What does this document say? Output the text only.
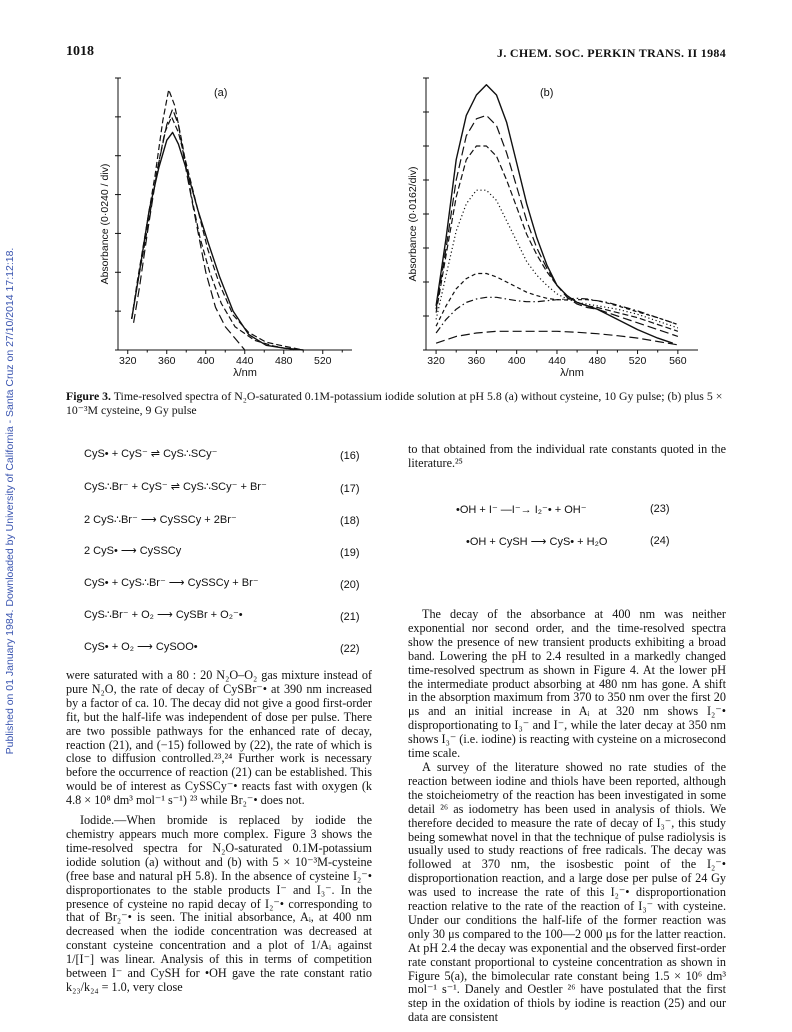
Published on 01 January 1984. Downloaded by University of California - Santa Cruz on 27/10/2014 17:12:18.
1018	J. CHEM. SOC. PERKIN TRANS. II 1984
320 360 400 440 480 520
λ/nm
Absorbance (0·0240 / div)
(a)
320 360 400 440 480 520 560
λ/nm
Absorbance (0·0162/div)
(b)
Figure 3. Time-resolved spectra of N₂O-saturated 0.1M-potassium iodide solution at pH 5.8 (a) without cysteine, 10 Gy pulse; (b) plus 5 × 10⁻³M cysteine, 9 Gy pulse
CyS• + CyS⁻ ⇌ CyS∴SCy⁻	(16)
CyS∴Br⁻ + CyS⁻ ⇌ CyS∴SCy⁻ + Br⁻	(17)
2 CyS∴Br⁻ ⟶ CySSCy + 2Br⁻	(18)
2 CyS• ⟶ CySSCy	(19)
CyS• + CyS∴Br⁻ ⟶ CySSCy + Br⁻	(20)
CyS∴Br⁻ + O₂ ⟶ CySBr + O₂⁻•	(21)
CyS• + O₂ ⟶ CySOO•	(22)
•OH + I⁻ —I⁻→ I₂⁻• + OH⁻	(23)
•OH + CySH ⟶ CyS• + H₂O	(24)

were saturated with a 80 : 20 N₂O–O₂ gas mixture instead of pure N₂O, the rate of decay of CySBr⁻• at 390 nm increased by a factor of ca. 10. The decay did not give a good first-order fit, but the half-life was independent of dose per pulse. There are two possible pathways for the enhanced rate of decay, reaction (21), and (−15) followed by (22), the rate of which is close to diffusion controlled.²³,²⁴ Further work is necessary before the occurrence of reaction (21) can be established. This would be of interest as CySSCy⁻• reacts fast with oxygen (k 4.8 × 10⁸ dm³ mol⁻¹ s⁻¹) ²³ while Br₂⁻• does not.

Iodide.—When bromide is replaced by iodide the chemistry appears much more complex. Figure 3 shows the time-resolved spectra for N₂O-saturated 0.1M-potassium iodide solution (a) without and (b) with 5 × 10⁻³M-cysteine (free base and natural pH 5.8). In the absence of cysteine I₂⁻• disproportionates to the stable products I⁻ and I₃⁻. In the presence of cysteine no rapid decay of I₂⁻• corresponding to that of Br₂⁻• is seen. The initial absorbance, Aᵢ, at 400 nm decreased when the iodide concentration was decreased at constant cysteine concentration and a plot of 1/Aᵢ against 1/[I⁻] was linear. Analysis of this in terms of competition between I⁻ and CySH for •OH gave the rate constant ratio k₂₃/k₂₄ = 1.0, very close

to that obtained from the individual rate constants quoted in the literature.²⁵

The decay of the absorbance at 400 nm was neither exponential nor second order, and the time-resolved spectra show the presence of new transient products exhibiting a broad band. Lowering the pH to 2.4 resulted in a markedly changed time-resolved spectrum as shown in Figure 4. At the lower pH the intermediate product absorbing at 480 nm has gone. A shift in the absorption maximum from 370 to 350 nm over the first 20 μs and an initial increase in Aᵢ at 320 nm shows I₂⁻• disproportionating to I₃⁻ and I⁻, while the later decay at 350 nm shows I₃⁻ (i.e. iodine) is reacting with cysteine on a microsecond time scale.

A survey of the literature showed no rate studies of the reaction between iodine and thiols have been reported, although the stoicheiometry of the reaction has been investigated in some detail ²⁶ as iodometry has been used in analysis of thiols. We therefore decided to measure the rate of decay of I₃⁻, this study being somewhat novel in that the technique of pulse radiolysis is usually used to study reactions of free radicals. The decay was followed at 370 nm, the isosbestic point of the I₂⁻• disproportionation reaction, and a large dose per pulse of 24 Gy was used to increase the rate of this I₂⁻• disproportionation reaction relative to the rate of the reaction of I₃⁻ with cysteine. Under our conditions the half-life of the former reaction was only 30 μs compared to the 100—2 000 μs for the latter reaction. At pH 2.4 the decay was exponential and the observed first-order rate constant proportional to cysteine concentration as shown in Figure 5(a), the bimolecular rate constant being 1.5 × 10⁶ dm³ mol⁻¹ s⁻¹. Danely and Oestler ²⁶ have postulated that the first step in the oxidation of thiols by iodine is reaction (25) and our data are consistent
